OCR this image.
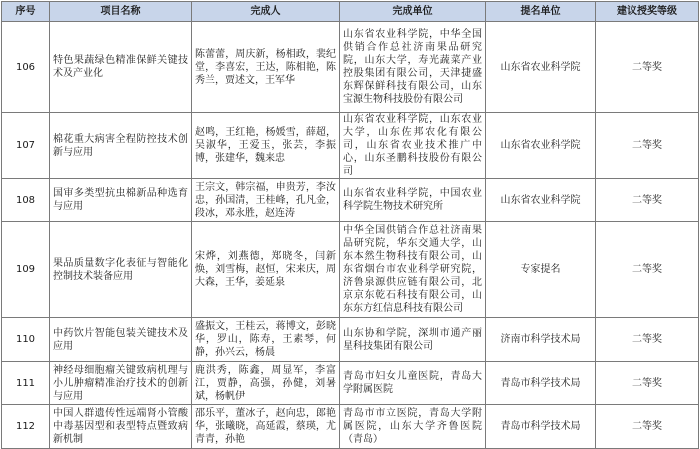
序号	项目名称	完成人	完成单位	提名单位	建议授奖等级
106	特色果蔬绿色精准保鲜关键技术及产业化	陈蕾蕾，周庆新，杨相政，裴纪堂，李喜宏，王达，陈相艳，陈秀兰，贾述文，王军华	山东省农业科学院，中华全国供销合作总社济南果品研究院，山东大学，寿光蔬菜产业控股集团有限公司，天津捷盛东辉保鲜科技有限公司，山东宝源生物科技股份有限公司	山东省农业科学院	二等奖
107	棉花重大病害全程防控技术创新与应用	赵鸣，王红艳，杨媛雪，薛超，吴淑华，王爱玉，张芸，李振博，张建华，魏来忠	山东省农业科学院，山东农业大学，山东佐邦农化有限公司，山东省农业技术推广中心，山东圣鹏科技股份有限公司	山东省农业科学院	二等奖
108	国审多类型抗虫棉新品种选育与应用	王宗文，韩宗福，申贵芳，李汝忠，孙国清，王桂峰，孔凡金，段冰，邓永胜，赵连涛	山东省农业科学院，中国农业科学院生物技术研究所	山东省农业科学院	二等奖
109	果品质量数字化表征与智能化控制技术装备应用	宋烨，刘燕德，郑晓冬，闫新焕，刘雪梅，赵恒，宋来庆，周大森，王华，姜延泉	中华全国供销合作总社济南果品研究院，华东交通大学，山东本然生物科技有限公司，山东省烟台市农业科学研究院，济鲁泉源供应链有限公司，北京京东乾石科技有限公司，山东东方红信息科技有限公司	专家提名	二等奖
110	中药饮片智能包装关键技术及应用	盛振文，王桂云，蒋博文，彭晓华，罗山，陈寿，王素琴，何静，孙兴云，杨晨	山东协和学院，深圳市通产丽星科技集团有限公司	济南市科学技术局	二等奖
111	神经母细胞瘤关键致病机理与小儿肿瘤精准治疗技术的创新与应用	鹿洪秀，陈鑫，周显军，李富江，贾静，高强，孙健，刘暑斌，杨帆伊	青岛市妇女儿童医院，青岛大学附属医院	青岛市科学技术局	二等奖
112	中国人群遗传性远端肾小管酸中毒基因型和表型特点暨致病新机制	邵乐平，董冰子，赵向忠，郎艳华，张曦晓，高延霞，蔡瑛，尤青青，孙艳	青岛市市立医院，青岛大学附属医院，山东大学齐鲁医院（青岛）	青岛市科学技术局	二等奖
